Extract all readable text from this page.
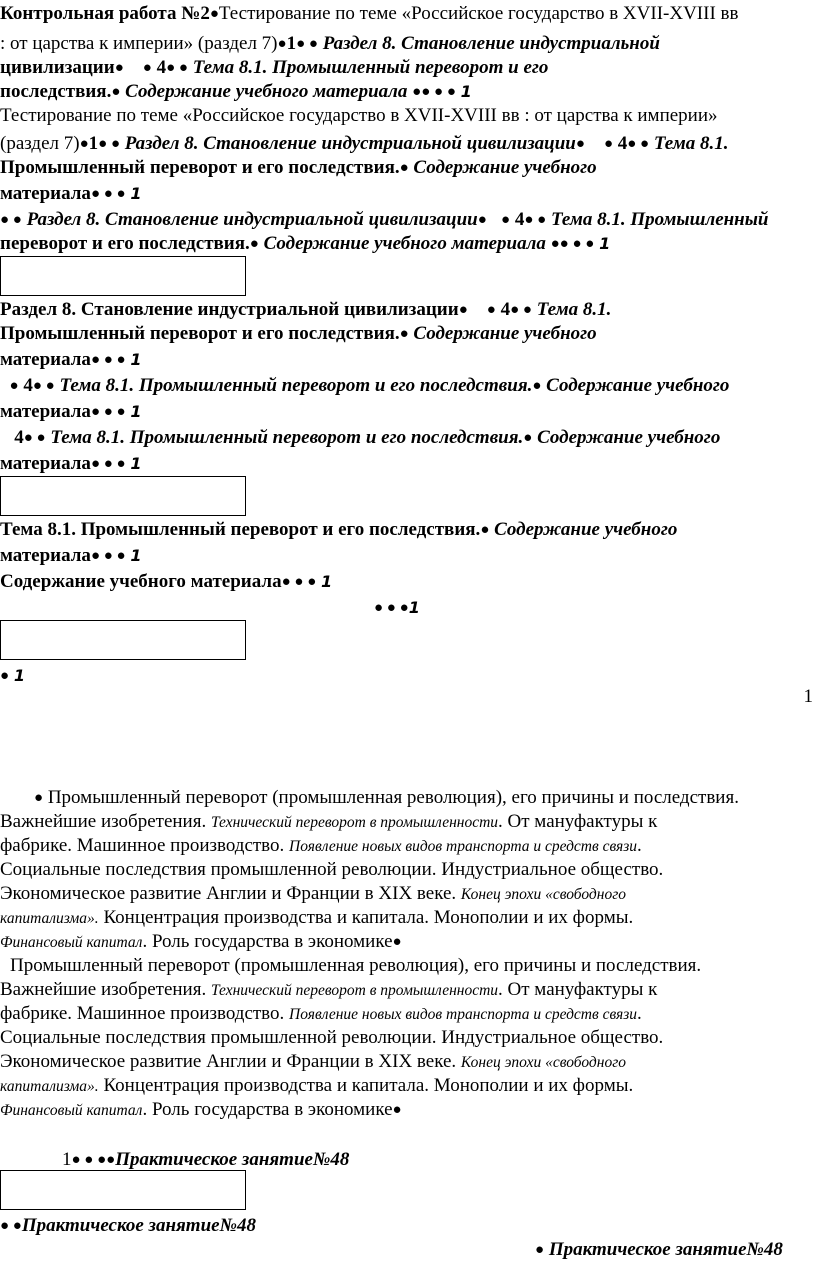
Контрольная работа №2●Тестирование по теме «Российское государство в XVII-XVIII вв
: от царства к империи» (раздел 7)●1● ● Раздел 8. Становление индустриальной
цивилизации● ● 4● ● Тема 8.1. Промышленный переворот и его
последствия.● Содержание учебного материала ●● ● ● 1
Тестирование по теме «Российское государство в XVII-XVIII вв : от царства к империи»
(раздел 7)●1● ● Раздел 8. Становление индустриальной цивилизации● ● 4● ● Тема 8.1.
Промышленный переворот и его последствия.● Содержание учебного
материала● ● ● 1
● ● Раздел 8. Становление индустриальной цивилизации● ● 4● ● Тема 8.1. Промышленный
переворот и его последствия.● Содержание учебного материала ●● ● ● 1
Раздел 8. Становление индустриальной цивилизации● ● 4● ● Тема 8.1.
Промышленный переворот и его последствия.● Содержание учебного
материала● ● ● 1
● 4● ● Тема 8.1. Промышленный переворот и его последствия.● Содержание учебного
материала● ● ● 1
4● ● Тема 8.1. Промышленный переворот и его последствия.● Содержание учебного
материала● ● ● 1
Тема 8.1. Промышленный переворот и его последствия.● Содержание учебного
материала● ● ● 1
Содержание учебного материала● ● ● 1
● ● ●1
● 1
1
● Промышленный переворот (промышленная революция), его причины и последствия.
Важнейшие изобретения. Технический переворот в промышленности. От мануфактуры к
фабрике. Машинное производство. Появление новых видов транспорта и средств связи.
Социальные последствия промышленной революции. Индустриальное общество.
Экономическое развитие Англии и Франции в XIX веке. Конец эпохи «свободного
капитализма». Концентрация производства и капитала. Монополии и их формы.
Финансовый капитал. Роль государства в экономике●
Промышленный переворот (промышленная революция), его причины и последствия.
Важнейшие изобретения. Технический переворот в промышленности. От мануфактуры к
фабрике. Машинное производство. Появление новых видов транспорта и средств связи.
Социальные последствия промышленной революции. Индустриальное общество.
Экономическое развитие Англии и Франции в XIX веке. Конец эпохи «свободного
капитализма». Концентрация производства и капитала. Монополии и их формы.
Финансовый капитал. Роль государства в экономике●
1● ● ●●Практическое занятие№48
● ●Практическое занятие№48
● Практическое занятие№48
